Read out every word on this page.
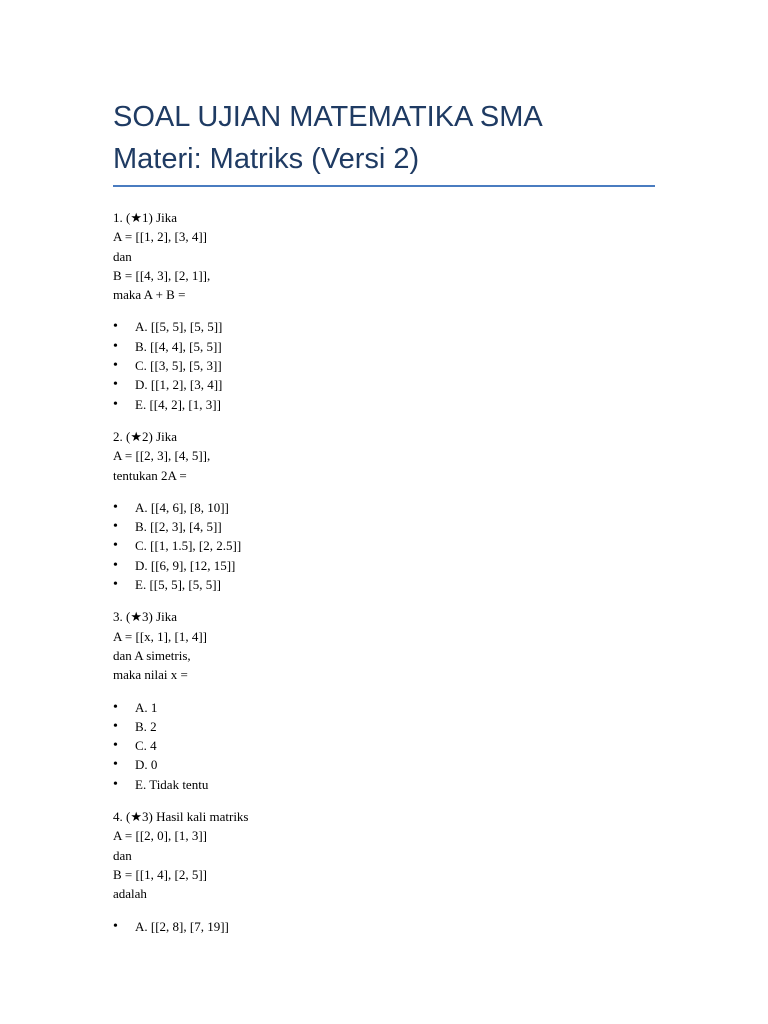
SOAL UJIAN MATEMATIKA SMA
Materi: Matriks (Versi 2)
1. (★1) Jika
A = [[1, 2], [3, 4]]
dan
B = [[4, 3], [2, 1]],
maka A + B =
• A. [[5, 5], [5, 5]]
• B. [[4, 4], [5, 5]]
• C. [[3, 5], [5, 3]]
• D. [[1, 2], [3, 4]]
• E. [[4, 2], [1, 3]]
2. (★2) Jika
A = [[2, 3], [4, 5]],
tentukan 2A =
• A. [[4, 6], [8, 10]]
• B. [[2, 3], [4, 5]]
• C. [[1, 1.5], [2, 2.5]]
• D. [[6, 9], [12, 15]]
• E. [[5, 5], [5, 5]]
3. (★3) Jika
A = [[x, 1], [1, 4]]
dan A simetris,
maka nilai x =
• A. 1
• B. 2
• C. 4
• D. 0
• E. Tidak tentu
4. (★3) Hasil kali matriks
A = [[2, 0], [1, 3]]
dan
B = [[1, 4], [2, 5]]
adalah
• A. [[2, 8], [7, 19]]
